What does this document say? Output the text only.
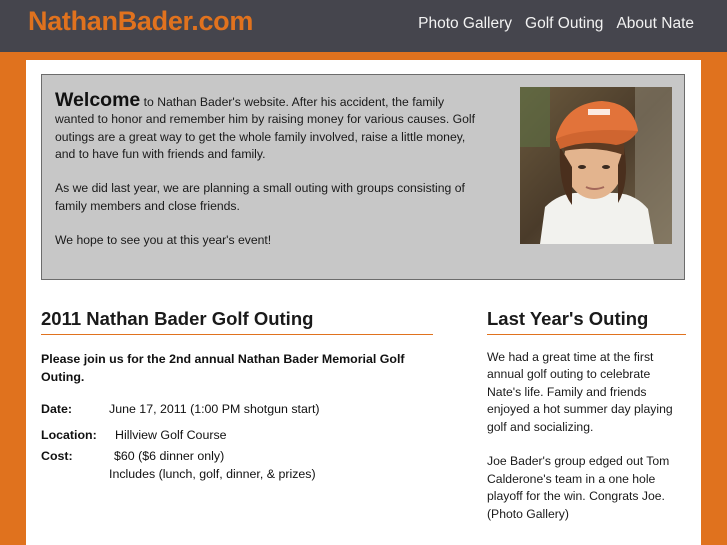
NathanBader.com	Photo Gallery Golf Outing About Nate

Welcome to Nathan Bader's website. After his accident, the family wanted to honor and remember him by raising money for various causes. Golf outings are a great way to get the whole family involved, raise a little money, and to have fun with friends and family.

As we did last year, we are planning a small outing with groups consisting of family members and close friends.

We hope to see you at this year's event!

2011 Nathan Bader Golf Outing
Please join us for the 2nd annual Nathan Bader Memorial Golf Outing.
Date:	June 17, 2011 (1:00 PM shotgun start)
Location: Hillview Golf Course
Cost:	$60 ($6 dinner only)
Includes (lunch, golf, dinner, & prizes)
Last Year's Outing

We had a great time at the first annual golf outing to celebrate Nate's life. Family and friends enjoyed a hot summer day playing golf and socializing.

Joe Bader's group edged out Tom Calderone's team in a one hole playoff for the win. Congrats Joe. (Photo Gallery)
